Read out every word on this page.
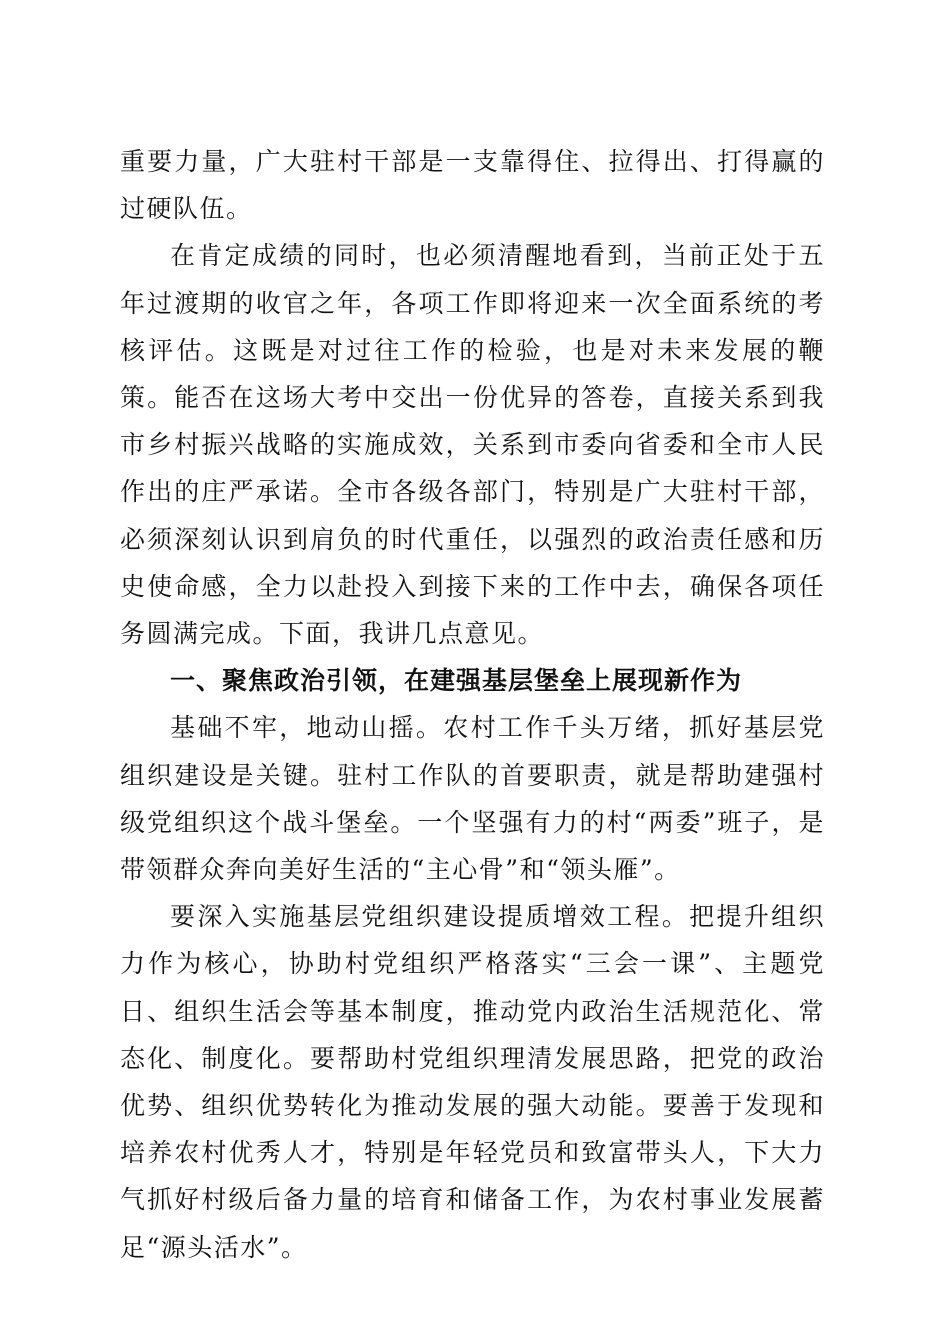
重要力量，广大驻村干部是一支靠得住、拉得出、打得赢的过硬队伍。

在肯定成绩的同时，也必须清醒地看到，当前正处于五年过渡期的收官之年，各项工作即将迎来一次全面系统的考核评估。这既是对过往工作的检验，也是对未来发展的鞭策。能否在这场大考中交出一份优异的答卷，直接关系到我市乡村振兴战略的实施成效，关系到市委向省委和全市人民作出的庄严承诺。全市各级各部门，特别是广大驻村干部，必须深刻认识到肩负的时代重任，以强烈的政治责任感和历史使命感，全力以赴投入到接下来的工作中去，确保各项任务圆满完成。下面，我讲几点意见。

一、聚焦政治引领，在建强基层堡垒上展现新作为

基础不牢，地动山摇。农村工作千头万绪，抓好基层党组织建设是关键。驻村工作队的首要职责，就是帮助建强村级党组织这个战斗堡垒。一个坚强有力的村“两委”班子，是带领群众奔向美好生活的“主心骨”和“领头雁”。

要深入实施基层党组织建设提质增效工程。把提升组织力作为核心，协助村党组织严格落实“三会一课”、主题党日、组织生活会等基本制度，推动党内政治生活规范化、常态化、制度化。要帮助村党组织理清发展思路，把党的政治优势、组织优势转化为推动发展的强大动能。要善于发现和培养农村优秀人才，特别是年轻党员和致富带头人，下大力气抓好村级后备力量的培育和储备工作，为农村事业发展蓄足“源头活水”。
